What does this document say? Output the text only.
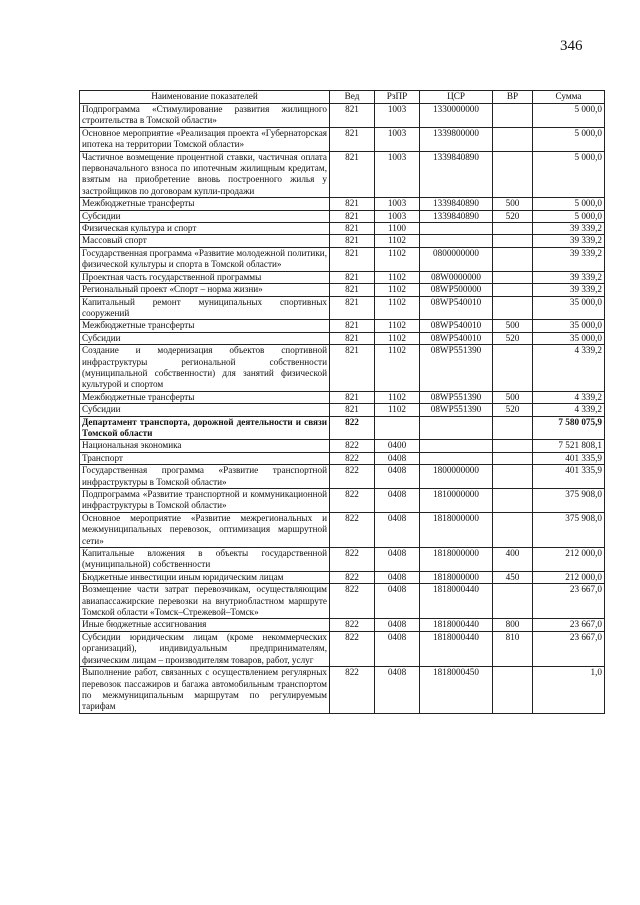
346
Наименование показателей	Вед	РзПР	ЦСР	ВР	Сумма
Подпрограмма «Стимулирование развития жилищного строительства в Томской области»	821	1003	1330000000		5 000,0
Основное мероприятие «Реализация проекта «Губернаторская ипотека на территории Томской области»	821	1003	1339800000		5 000,0
Частичное возмещение процентной ставки, частичная оплата первоначального взноса по ипотечным жилищным кредитам, взятым на приобретение вновь построенного жилья у застройщиков по договорам купли-продажи	821	1003	1339840890		5 000,0
Межбюджетные трансферты	821	1003	1339840890	500	5 000,0
Субсидии	821	1003	1339840890	520	5 000,0
Физическая культура и спорт	821	1100			39 339,2
Массовый спорт	821	1102			39 339,2
Государственная программа «Развитие молодежной политики, физической культуры и спорта в Томской области»	821	1102	0800000000		39 339,2
Проектная часть государственной программы	821	1102	08W0000000		39 339,2
Региональный проект «Спорт – норма жизни»	821	1102	08WP500000		39 339,2
Капитальный ремонт муниципальных спортивных сооружений	821	1102	08WP540010		35 000,0
Межбюджетные трансферты	821	1102	08WP540010	500	35 000,0
Субсидии	821	1102	08WP540010	520	35 000,0
Создание и модернизация объектов спортивной инфраструктуры региональной собственности (муниципальной собственности) для занятий физической культурой и спортом	821	1102	08WP551390		4 339,2
Межбюджетные трансферты	821	1102	08WP551390	500	4 339,2
Субсидии	821	1102	08WP551390	520	4 339,2
Департамент транспорта, дорожной деятельности и связи Томской области	822				7 580 075,9
Национальная экономика	822	0400			7 521 808,1
Транспорт	822	0408			401 335,9
Государственная программа «Развитие транспортной инфраструктуры в Томской области»	822	0408	1800000000		401 335,9
Подпрограмма «Развитие транспортной и коммуникационной инфраструктуры в Томской области»	822	0408	1810000000		375 908,0
Основное мероприятие «Развитие межрегиональных и межмуниципальных перевозок, оптимизация маршрутной сети»	822	0408	1818000000		375 908,0
Капитальные вложения в объекты государственной (муниципальной) собственности	822	0408	1818000000	400	212 000,0
Бюджетные инвестиции иным юридическим лицам	822	0408	1818000000	450	212 000,0
Возмещение части затрат перевозчикам, осуществляющим авиапассажирские перевозки на внутриобластном маршруте Томской области «Томск–Стрежевой–Томск»	822	0408	1818000440		23 667,0
Иные бюджетные ассигнования	822	0408	1818000440	800	23 667,0
Субсидии юридическим лицам (кроме некоммерческих организаций), индивидуальным предпринимателям, физическим лицам – производителям товаров, работ, услуг	822	0408	1818000440	810	23 667,0
Выполнение работ, связанных с осуществлением регулярных перевозок пассажиров и багажа автомобильным транспортом по межмуниципальным маршрутам по регулируемым тарифам	822	0408	1818000450		1,0
